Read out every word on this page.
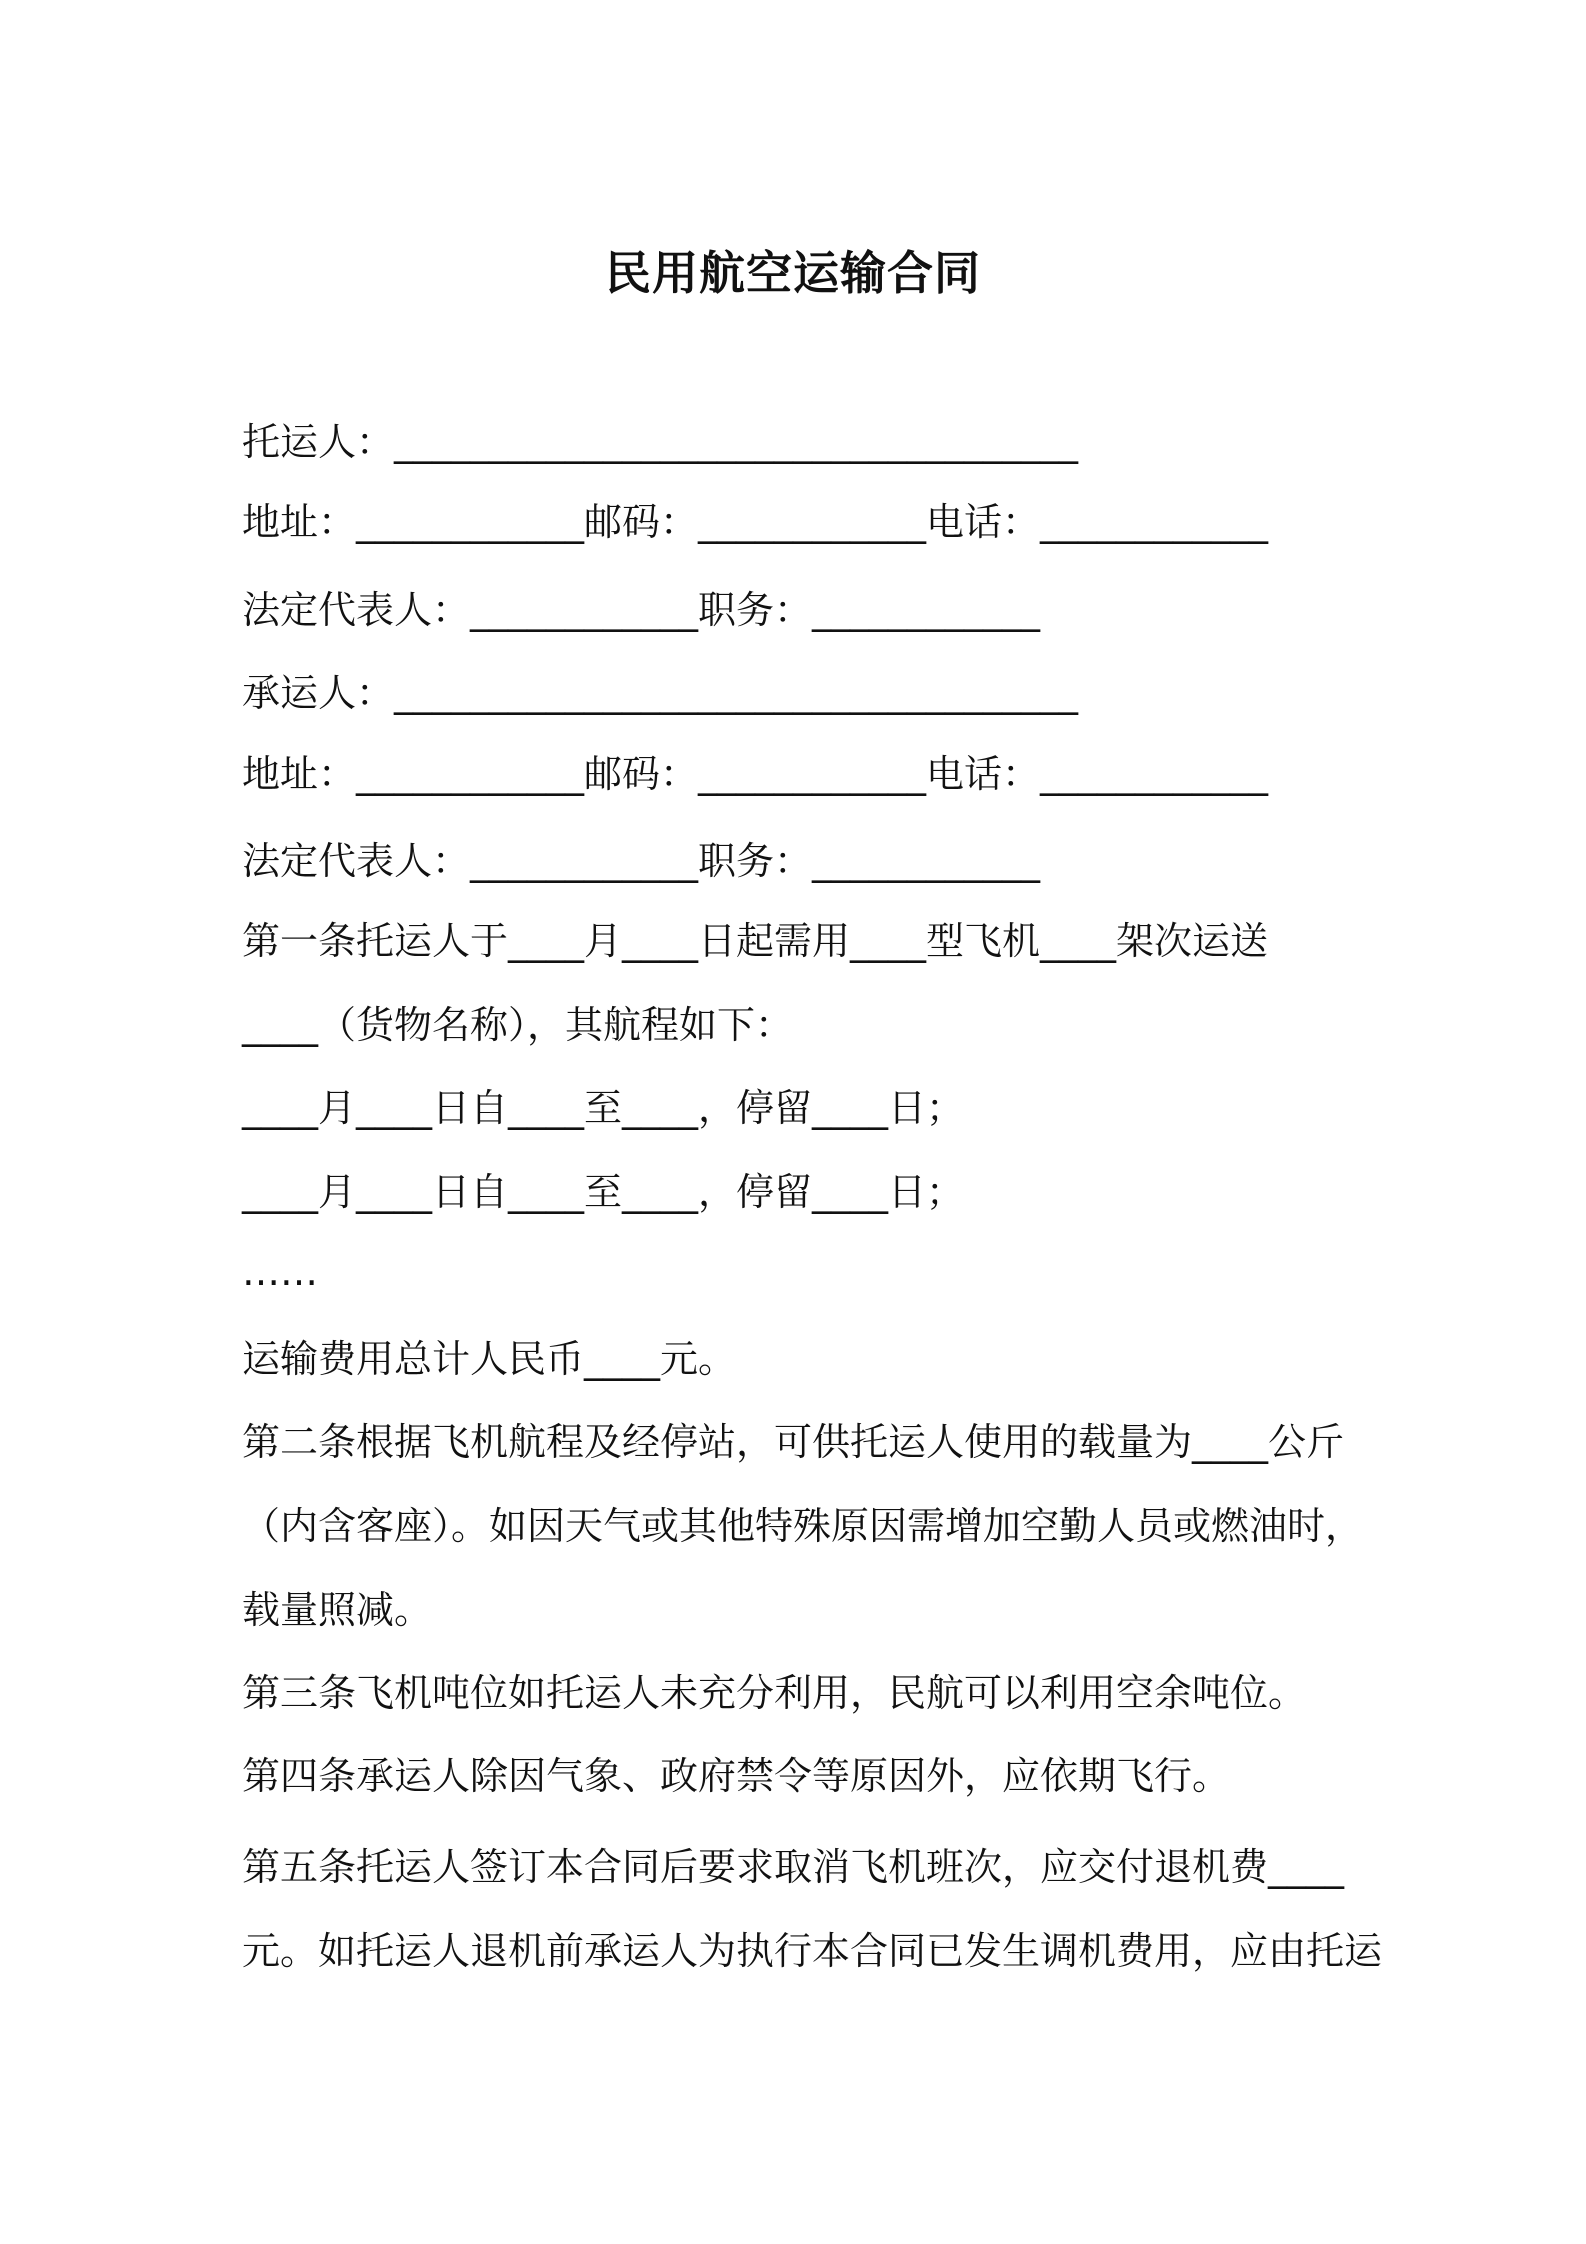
民用航空运输合同

托运人：____________________________________

地址：____________邮码：____________电话：____________

法定代表人：____________职务：____________

承运人：____________________________________

地址：____________邮码：____________电话：____________

法定代表人：____________职务：____________

第一条托运人于____月____日起需用____型飞机____架次运送

____（货物名称），其航程如下：

____月____日自____至____，停留____日；

____月____日自____至____，停留____日；

……

运输费用总计人民币____元。

第二条根据飞机航程及经停站，可供托运人使用的载量为____公斤

（内含客座）。如因天气或其他特殊原因需增加空勤人员或燃油时，

载量照减。

第三条飞机吨位如托运人未充分利用，民航可以利用空余吨位。

第四条承运人除因气象、政府禁令等原因外，应依期飞行。

第五条托运人签订本合同后要求取消飞机班次，应交付退机费____

元。如托运人退机前承运人为执行本合同已发生调机费用，应由托运
